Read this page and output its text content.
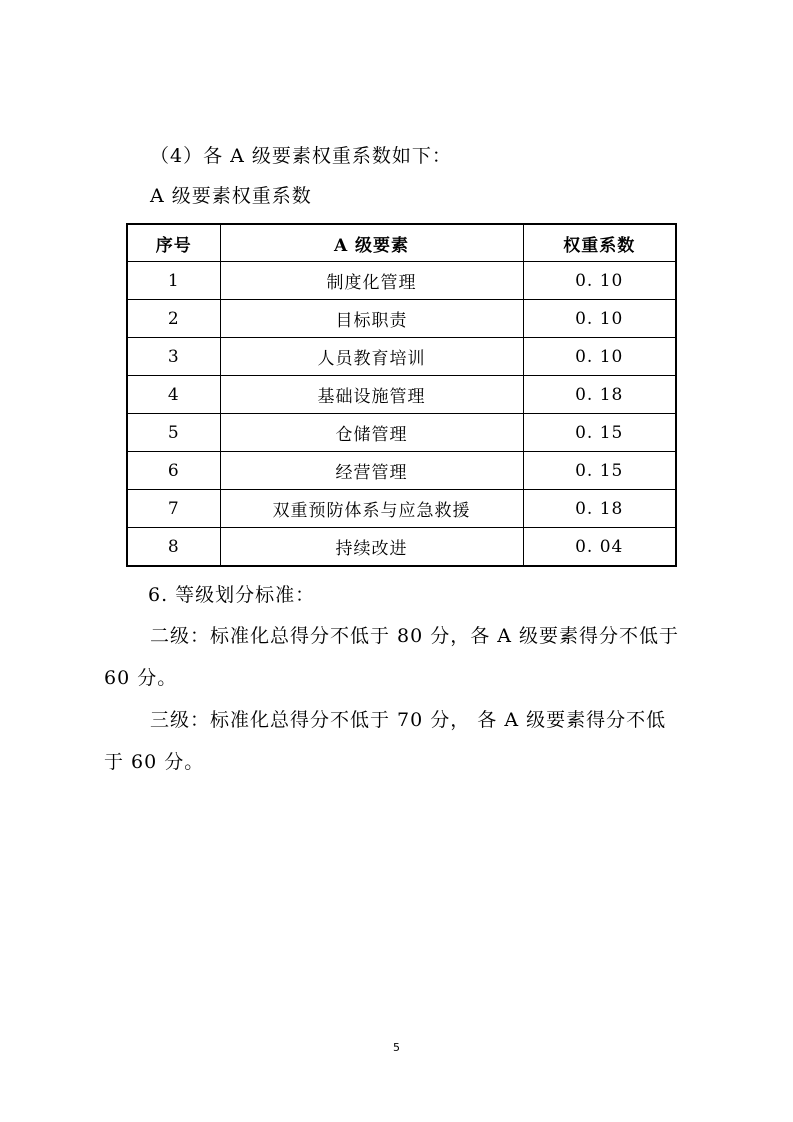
（4）各 A 级要素权重系数如下：
A 级要素权重系数
序号	A 级要素	权重系数
1	制度化管理	0. 10
2	目标职责	0. 10
3	人员教育培训	0. 10
4	基础设施管理	0. 18
5	仓储管理	0. 15
6	经营管理	0. 15
7	双重预防体系与应急救援	0. 18
8	持续改进	0. 04
6. 等级划分标准：
二级：标准化总得分不低于 80 分，各 A 级要素得分不低于
60 分。
三级：标准化总得分不低于 70 分， 各 A 级要素得分不低
于 60 分。
5
